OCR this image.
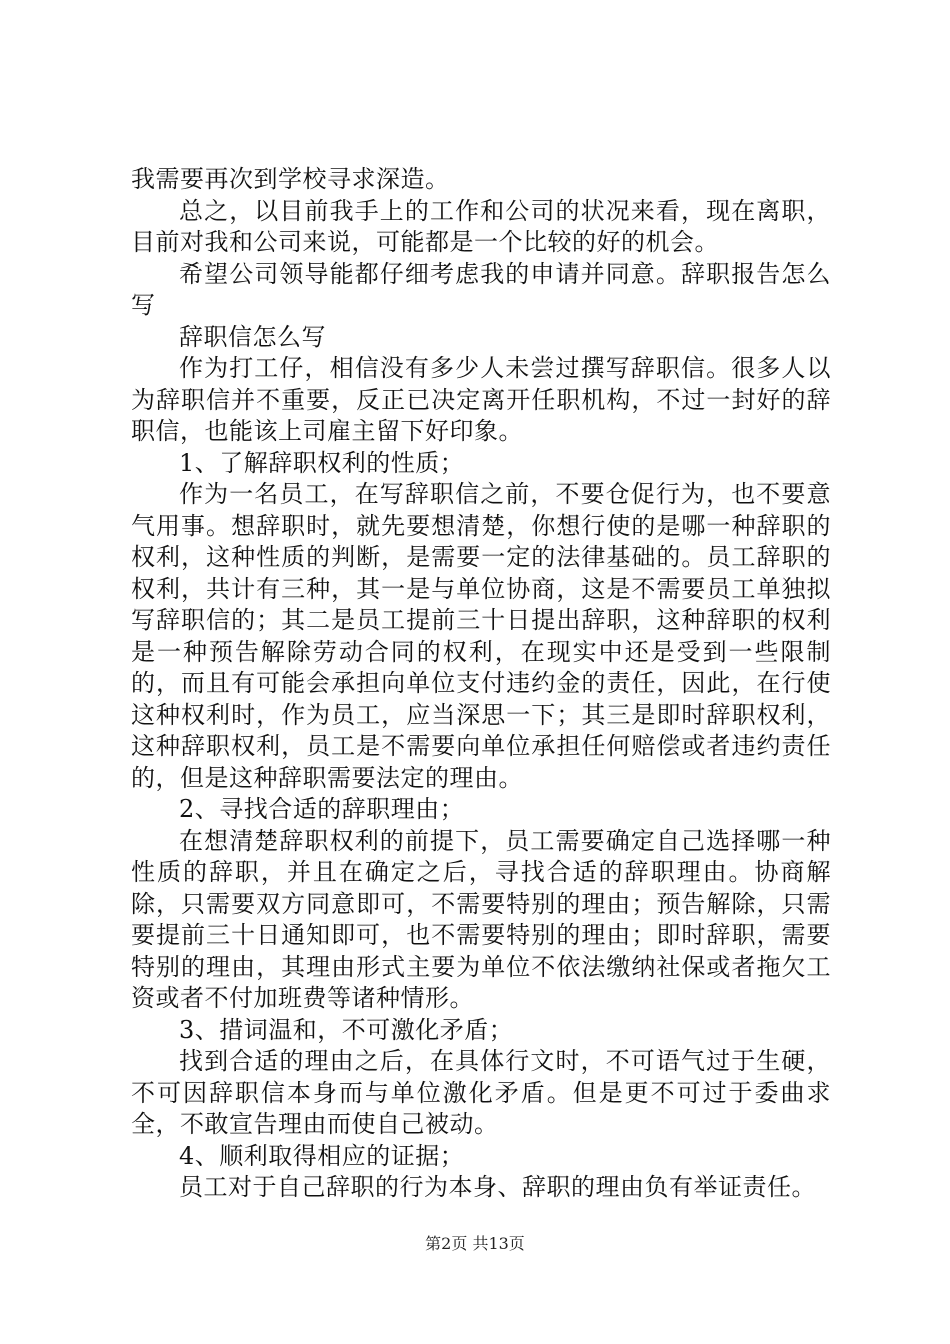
我需要再次到学校寻求深造。

总之，以目前我手上的工作和公司的状况来看，现在离职，目前对我和公司来说，可能都是一个比较的好的机会。

希望公司领导能都仔细考虑我的申请并同意。辞职报告怎么写

辞职信怎么写

作为打工仔，相信没有多少人未尝过撰写辞职信。很多人以为辞职信并不重要，反正已决定离开任职机构，不过一封好的辞职信，也能该上司雇主留下好印象。

1、了解辞职权利的性质；

作为一名员工，在写辞职信之前，不要仓促行为，也不要意气用事。想辞职时，就先要想清楚，你想行使的是哪一种辞职的权利，这种性质的判断，是需要一定的法律基础的。员工辞职的权利，共计有三种，其一是与单位协商，这是不需要员工单独拟写辞职信的；其二是员工提前三十日提出辞职，这种辞职的权利是一种预告解除劳动合同的权利，在现实中还是受到一些限制的，而且有可能会承担向单位支付违约金的责任，因此，在行使这种权利时，作为员工，应当深思一下；其三是即时辞职权利，这种辞职权利，员工是不需要向单位承担任何赔偿或者违约责任的，但是这种辞职需要法定的理由。

2、寻找合适的辞职理由；

在想清楚辞职权利的前提下，员工需要确定自己选择哪一种性质的辞职，并且在确定之后，寻找合适的辞职理由。协商解除，只需要双方同意即可，不需要特别的理由；预告解除，只需要提前三十日通知即可，也不需要特别的理由；即时辞职，需要特别的理由，其理由形式主要为单位不依法缴纳社保或者拖欠工资或者不付加班费等诸种情形。

3、措词温和，不可激化矛盾；

找到合适的理由之后，在具体行文时，不可语气过于生硬，不可因辞职信本身而与单位激化矛盾。但是更不可过于委曲求全，不敢宣告理由而使自己被动。

4、顺利取得相应的证据；

员工对于自己辞职的行为本身、辞职的理由负有举证责任。

第2页 共13页
